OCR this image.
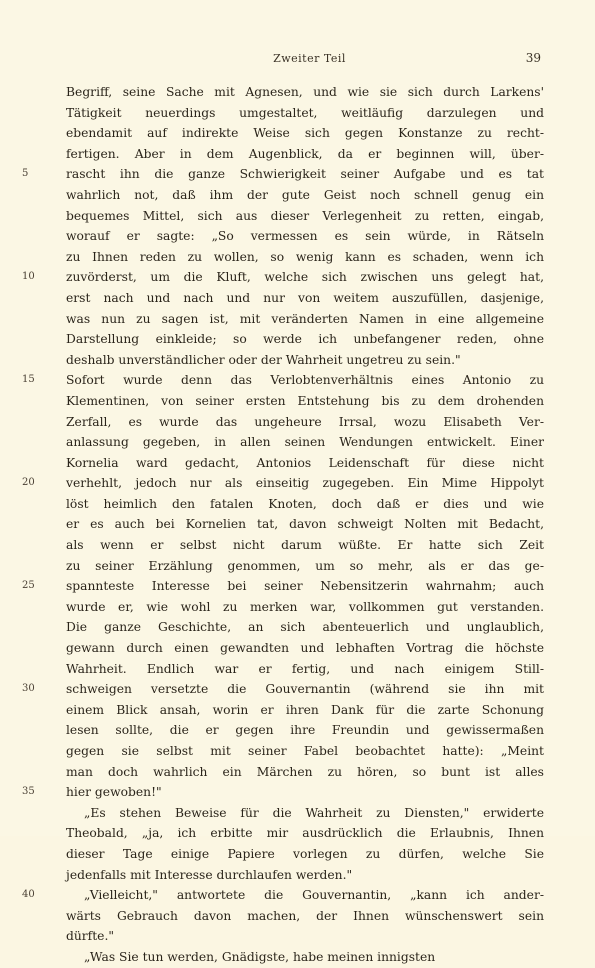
Zweiter Teil	39
Begriff, seine Sache mit Agnesen, und wie sie sich durch Larkens'
Tätigkeit neuerdings umgestaltet, weitläufig darzulegen und
ebendamit auf indirekte Weise sich gegen Konstanze zu recht-
fertigen. Aber in dem Augenblick, da er beginnen will, über-
5	rascht ihn die ganze Schwierigkeit seiner Aufgabe und es tat
wahrlich not, daß ihm der gute Geist noch schnell genug ein
bequemes Mittel, sich aus dieser Verlegenheit zu retten, eingab,
worauf er sagte: „So vermessen es sein würde, in Rätseln
zu Ihnen reden zu wollen, so wenig kann es schaden, wenn ich
10	zuvörderst, um die Kluft, welche sich zwischen uns gelegt hat,
erst nach und nach und nur von weitem auszufüllen, dasjenige,
was nun zu sagen ist, mit veränderten Namen in eine allgemeine
Darstellung einkleide; so werde ich unbefangener reden, ohne
deshalb unverständlicher oder der Wahrheit ungetreu zu sein."
15	Sofort wurde denn das Verlobtenverhältnis eines Antonio zu
Klementinen, von seiner ersten Entstehung bis zu dem drohenden
Zerfall, es wurde das ungeheure Irrsal, wozu Elisabeth Ver-
anlassung gegeben, in allen seinen Wendungen entwickelt. Einer
Kornelia ward gedacht, Antonios Leidenschaft für diese nicht
20	verhehlt, jedoch nur als einseitig zugegeben. Ein Mime Hippolyt
löst heimlich den fatalen Knoten, doch daß er dies und wie
er es auch bei Kornelien tat, davon schweigt Nolten mit Bedacht,
als wenn er selbst nicht darum wüßte. Er hatte sich Zeit
zu seiner Erzählung genommen, um so mehr, als er das ge-
25	spannteste Interesse bei seiner Nebensitzerin wahrnahm; auch
wurde er, wie wohl zu merken war, vollkommen gut verstanden.
Die ganze Geschichte, an sich abenteuerlich und unglaublich,
gewann durch einen gewandten und lebhaften Vortrag die höchste
Wahrheit. Endlich war er fertig, und nach einigem Still-
30	schweigen versetzte die Gouvernantin (während sie ihn mit
einem Blick ansah, worin er ihren Dank für die zarte Schonung
lesen sollte, die er gegen ihre Freundin und gewissermaßen
gegen sie selbst mit seiner Fabel beobachtet hatte): „Meint
man doch wahrlich ein Märchen zu hören, so bunt ist alles
35	hier gewoben!"
„Es stehen Beweise für die Wahrheit zu Diensten," erwiderte
Theobald, „ja, ich erbitte mir ausdrücklich die Erlaubnis, Ihnen
dieser Tage einige Papiere vorlegen zu dürfen, welche Sie
jedenfalls mit Interesse durchlaufen werden."
40	„Vielleicht," antwortete die Gouvernantin, „kann ich ander-
wärts Gebrauch davon machen, der Ihnen wünschenswert sein
dürfte."
„Was Sie tun werden, Gnädigste, habe meinen innigsten
